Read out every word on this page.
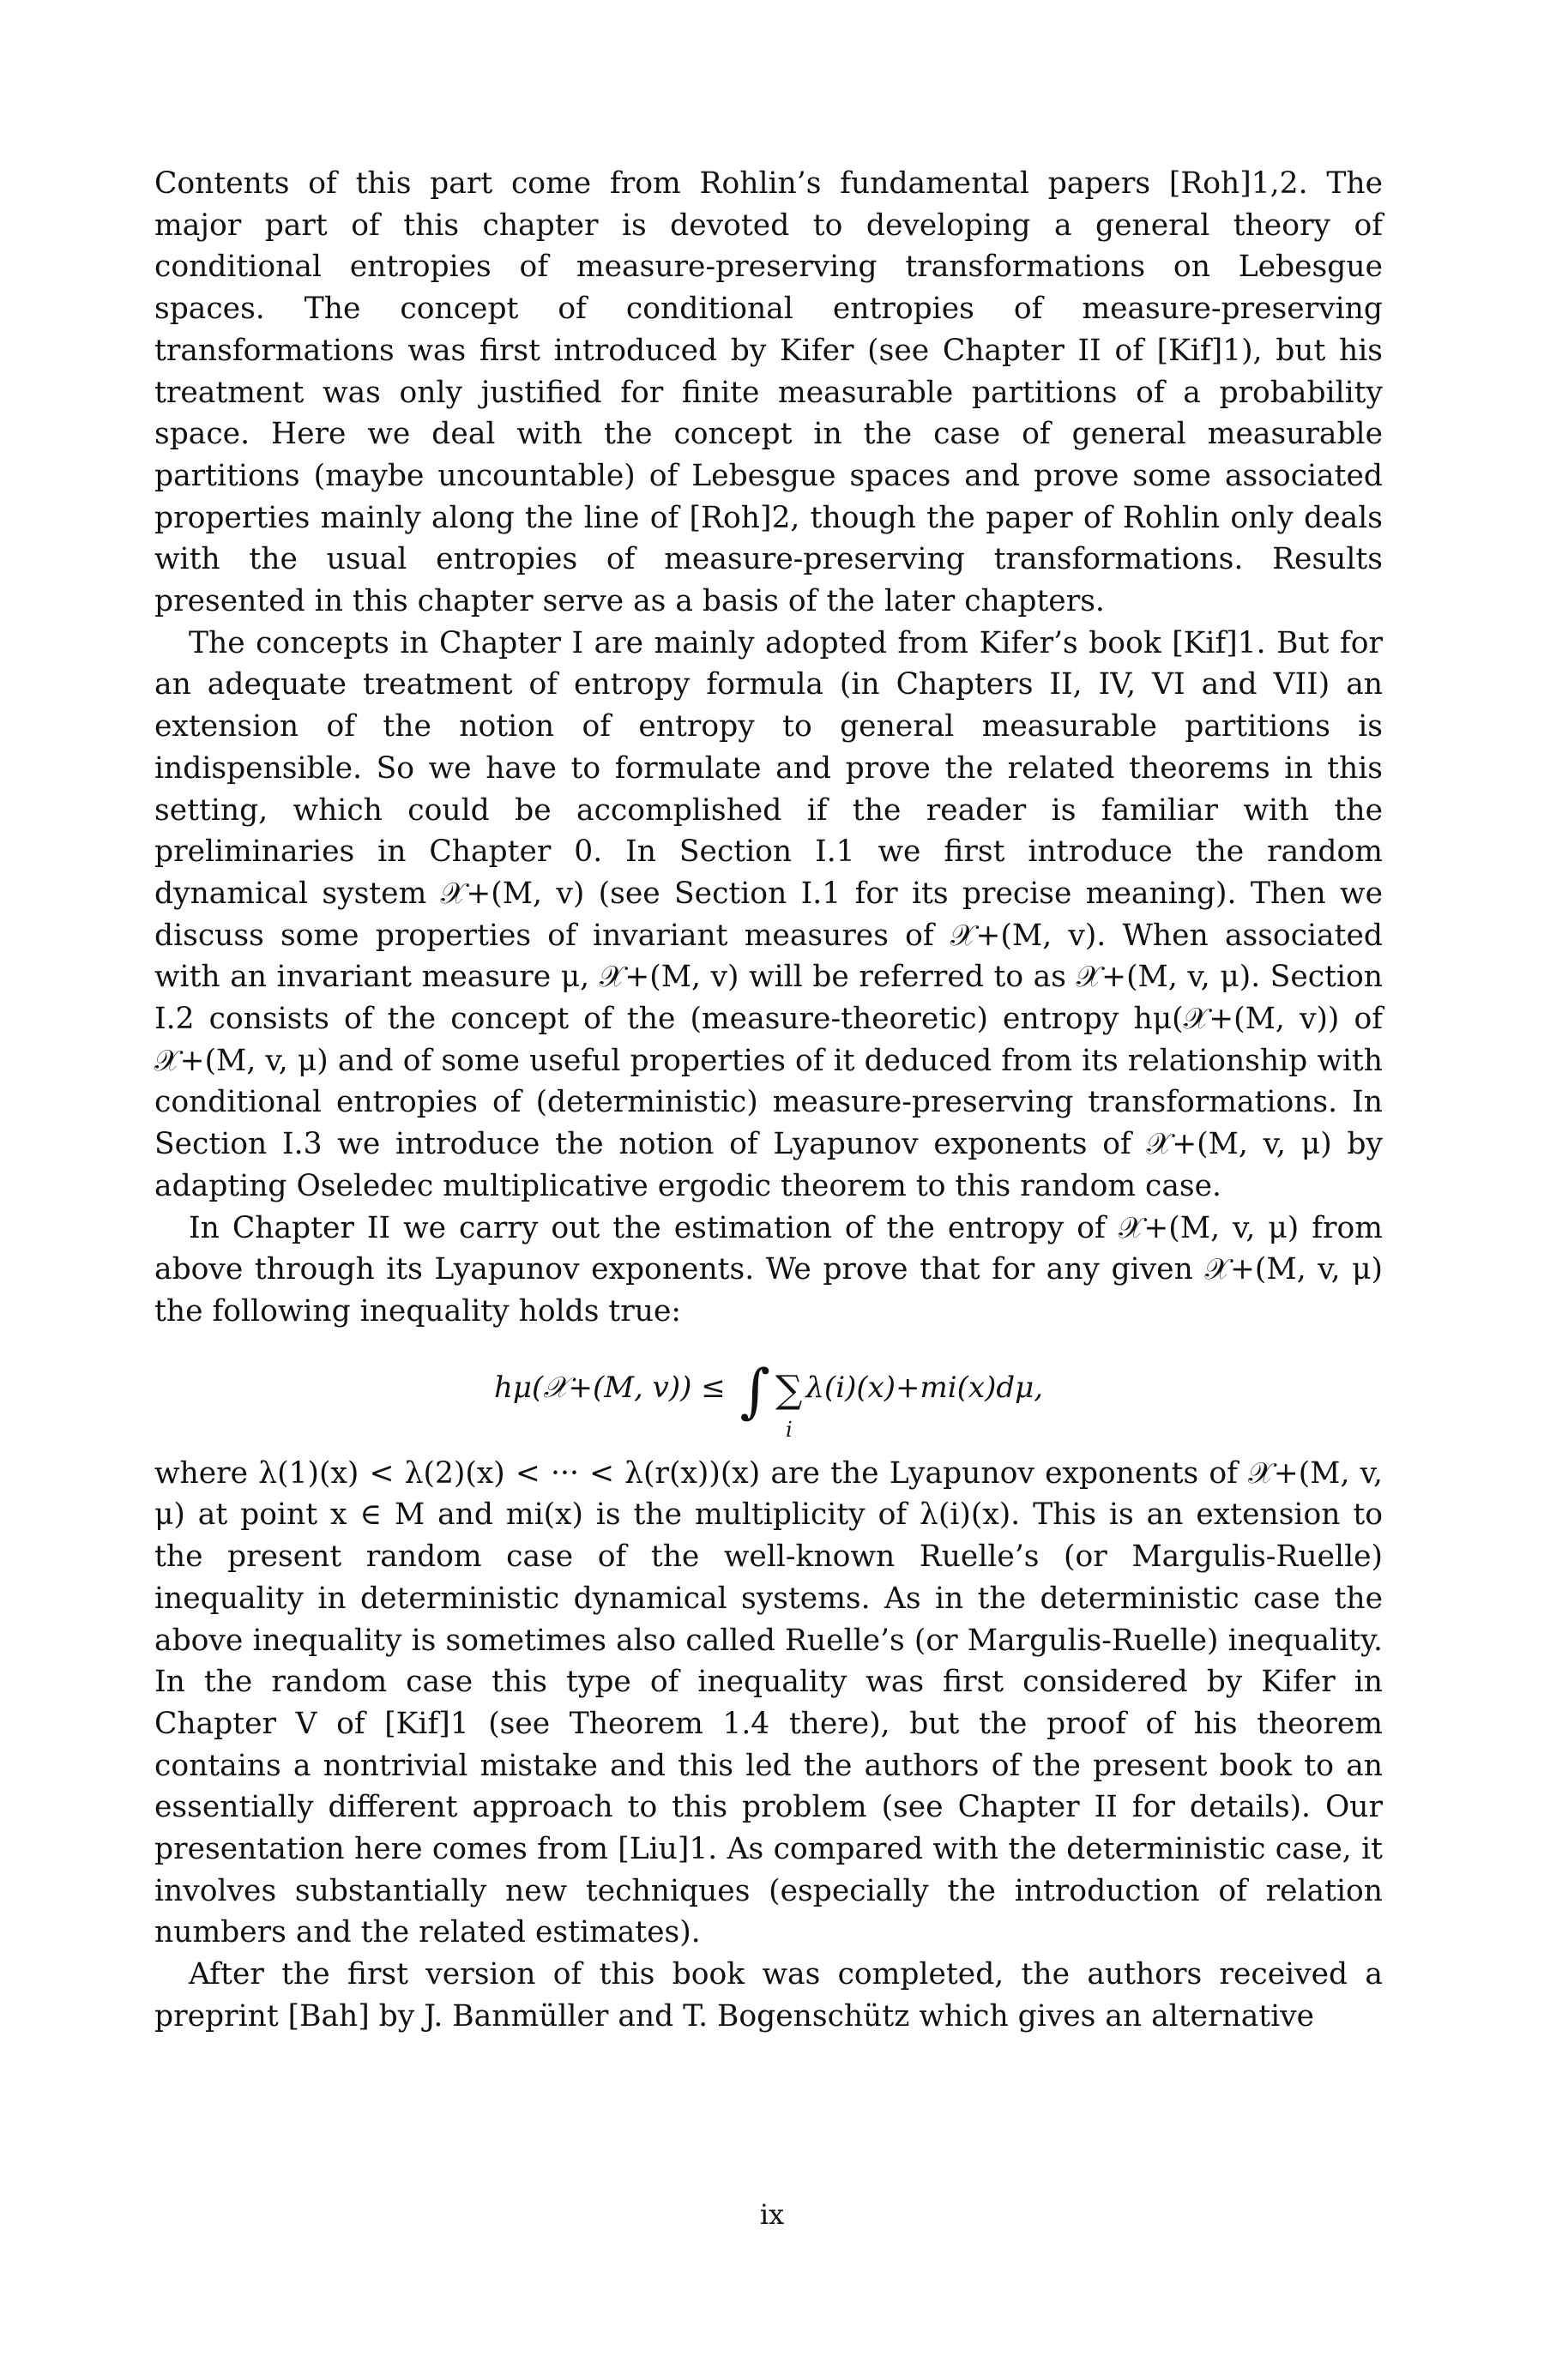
Contents of this part come from Rohlin’s fundamental papers [Roh]1,2. The major part of this chapter is devoted to developing a general theory of conditional entropies of measure-preserving transformations on Lebesgue spaces. The concept of conditional entropies of measure-preserving transformations was first introduced by Kifer (see Chapter II of [Kif]1), but his treatment was only justified for finite measurable partitions of a probability space. Here we deal with the concept in the case of general measurable partitions (maybe uncountable) of Lebesgue spaces and prove some associated properties mainly along the line of [Roh]2, though the paper of Rohlin only deals with the usual entropies of measure-preserving transformations. Results presented in this chapter serve as a basis of the later chapters.

The concepts in Chapter I are mainly adopted from Kifer’s book [Kif]1. But for an adequate treatment of entropy formula (in Chapters II, IV, VI and VII) an extension of the notion of entropy to general measurable partitions is indispensible. So we have to formulate and prove the related theorems in this setting, which could be accomplished if the reader is familiar with the preliminaries in Chapter 0. In Section I.1 we first introduce the random dynamical system 𝒳+(M, v) (see Section I.1 for its precise meaning). Then we discuss some properties of invariant measures of 𝒳+(M, v). When associated with an invariant measure μ, 𝒳+(M, v) will be referred to as 𝒳+(M, v, μ). Section I.2 consists of the concept of the (measure-theoretic) entropy hμ(𝒳+(M, v)) of 𝒳+(M, v, μ) and of some useful properties of it deduced from its relationship with conditional entropies of (deterministic) measure-preserving transformations. In Section I.3 we introduce the notion of Lyapunov exponents of 𝒳+(M, v, μ) by adapting Oseledec multiplicative ergodic theorem to this random case.

In Chapter II we carry out the estimation of the entropy of 𝒳+(M, v, μ) from above through its Lyapunov exponents. We prove that for any given 𝒳+(M, v, μ) the following inequality holds true:

hμ(𝒳+(M, v)) ≤ ∫ ∑
i
λ(i)(x)+mi(x)dμ,

where λ(1)(x) < λ(2)(x) < ··· < λ(r(x))(x) are the Lyapunov exponents of 𝒳+(M, v, μ) at point x ∈ M and mi(x) is the multiplicity of λ(i)(x). This is an extension to the present random case of the well-known Ruelle’s (or Margulis-Ruelle) inequality in deterministic dynamical systems. As in the deterministic case the above inequality is sometimes also called Ruelle’s (or Margulis-Ruelle) inequality. In the random case this type of inequality was first considered by Kifer in Chapter V of [Kif]1 (see Theorem 1.4 there), but the proof of his theorem contains a nontrivial mistake and this led the authors of the present book to an essentially different approach to this problem (see Chapter II for details). Our presentation here comes from [Liu]1. As compared with the deterministic case, it involves substantially new techniques (especially the introduction of relation numbers and the related estimates).

After the first version of this book was completed, the authors received a preprint [Bah] by J. Banmüller and T. Bogenschütz which gives an alternative

ix
